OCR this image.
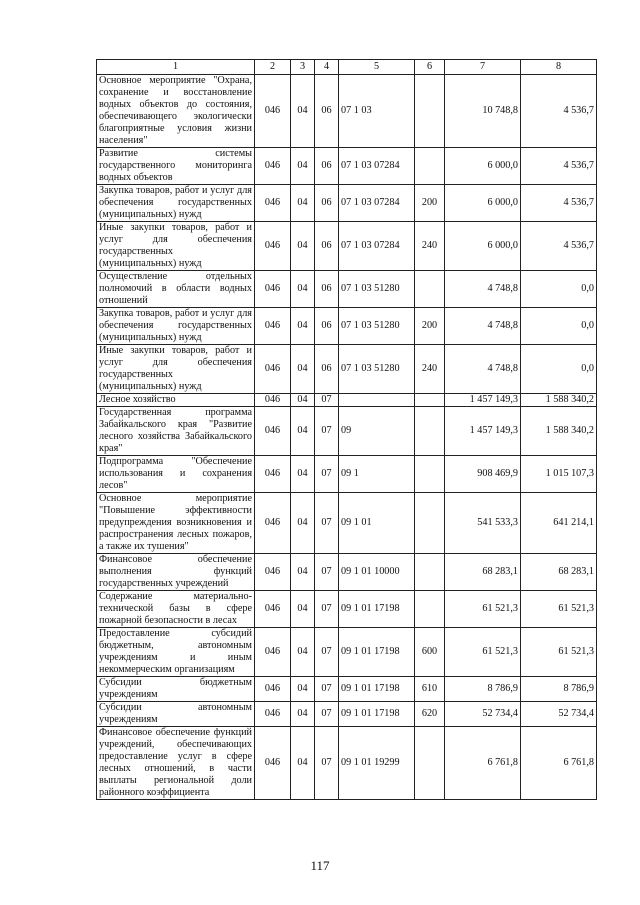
1	2	3	4	5	6	7	8
Основное мероприятие "Охрана, сохранение и восстановление водных объектов до состояния, обеспечивающего экологически благоприятные условия жизни населения"	046	04	06	07 1 03		10 748,8	4 536,7
Развитие системы государственного мониторинга водных объектов	046	04	06	07 1 03 07284		6 000,0	4 536,7
Закупка товаров, работ и услуг для обеспечения государственных (муниципальных) нужд	046	04	06	07 1 03 07284	200	6 000,0	4 536,7
Иные закупки товаров, работ и услуг для обеспечения государственных (муниципальных) нужд	046	04	06	07 1 03 07284	240	6 000,0	4 536,7
Осуществление отдельных полномочий в области водных отношений	046	04	06	07 1 03 51280		4 748,8	0,0
Закупка товаров, работ и услуг для обеспечения государственных (муниципальных) нужд	046	04	06	07 1 03 51280	200	4 748,8	0,0
Иные закупки товаров, работ и услуг для обеспечения государственных (муниципальных) нужд	046	04	06	07 1 03 51280	240	4 748,8	0,0
Лесное хозяйство	046	04	07			1 457 149,3	1 588 340,2
Государственная программа Забайкальского края "Развитие лесного хозяйства Забайкальского края"	046	04	07	09		1 457 149,3	1 588 340,2
Подпрограмма "Обеспечение использования и сохранения лесов"	046	04	07	09 1		908 469,9	1 015 107,3
Основное мероприятие "Повышение эффективности предупреждения возникновения и распространения лесных пожаров, а также их тушения"	046	04	07	09 1 01		541 533,3	641 214,1
Финансовое обеспечение выполнения функций государственных учреждений	046	04	07	09 1 01 10000		68 283,1	68 283,1
Содержание материально-технической базы в сфере пожарной безопасности в лесах	046	04	07	09 1 01 17198		61 521,3	61 521,3
Предоставление субсидий бюджетным, автономным учреждениям и иным некоммерческим организациям	046	04	07	09 1 01 17198	600	61 521,3	61 521,3
Субсидии бюджетным учреждениям	046	04	07	09 1 01 17198	610	8 786,9	8 786,9
Субсидии автономным учреждениям	046	04	07	09 1 01 17198	620	52 734,4	52 734,4
Финансовое обеспечение функций учреждений, обеспечивающих предоставление услуг в сфере лесных отношений, в части выплаты региональной доли районного коэффициента	046	04	07	09 1 01 19299		6 761,8	6 761,8
117
